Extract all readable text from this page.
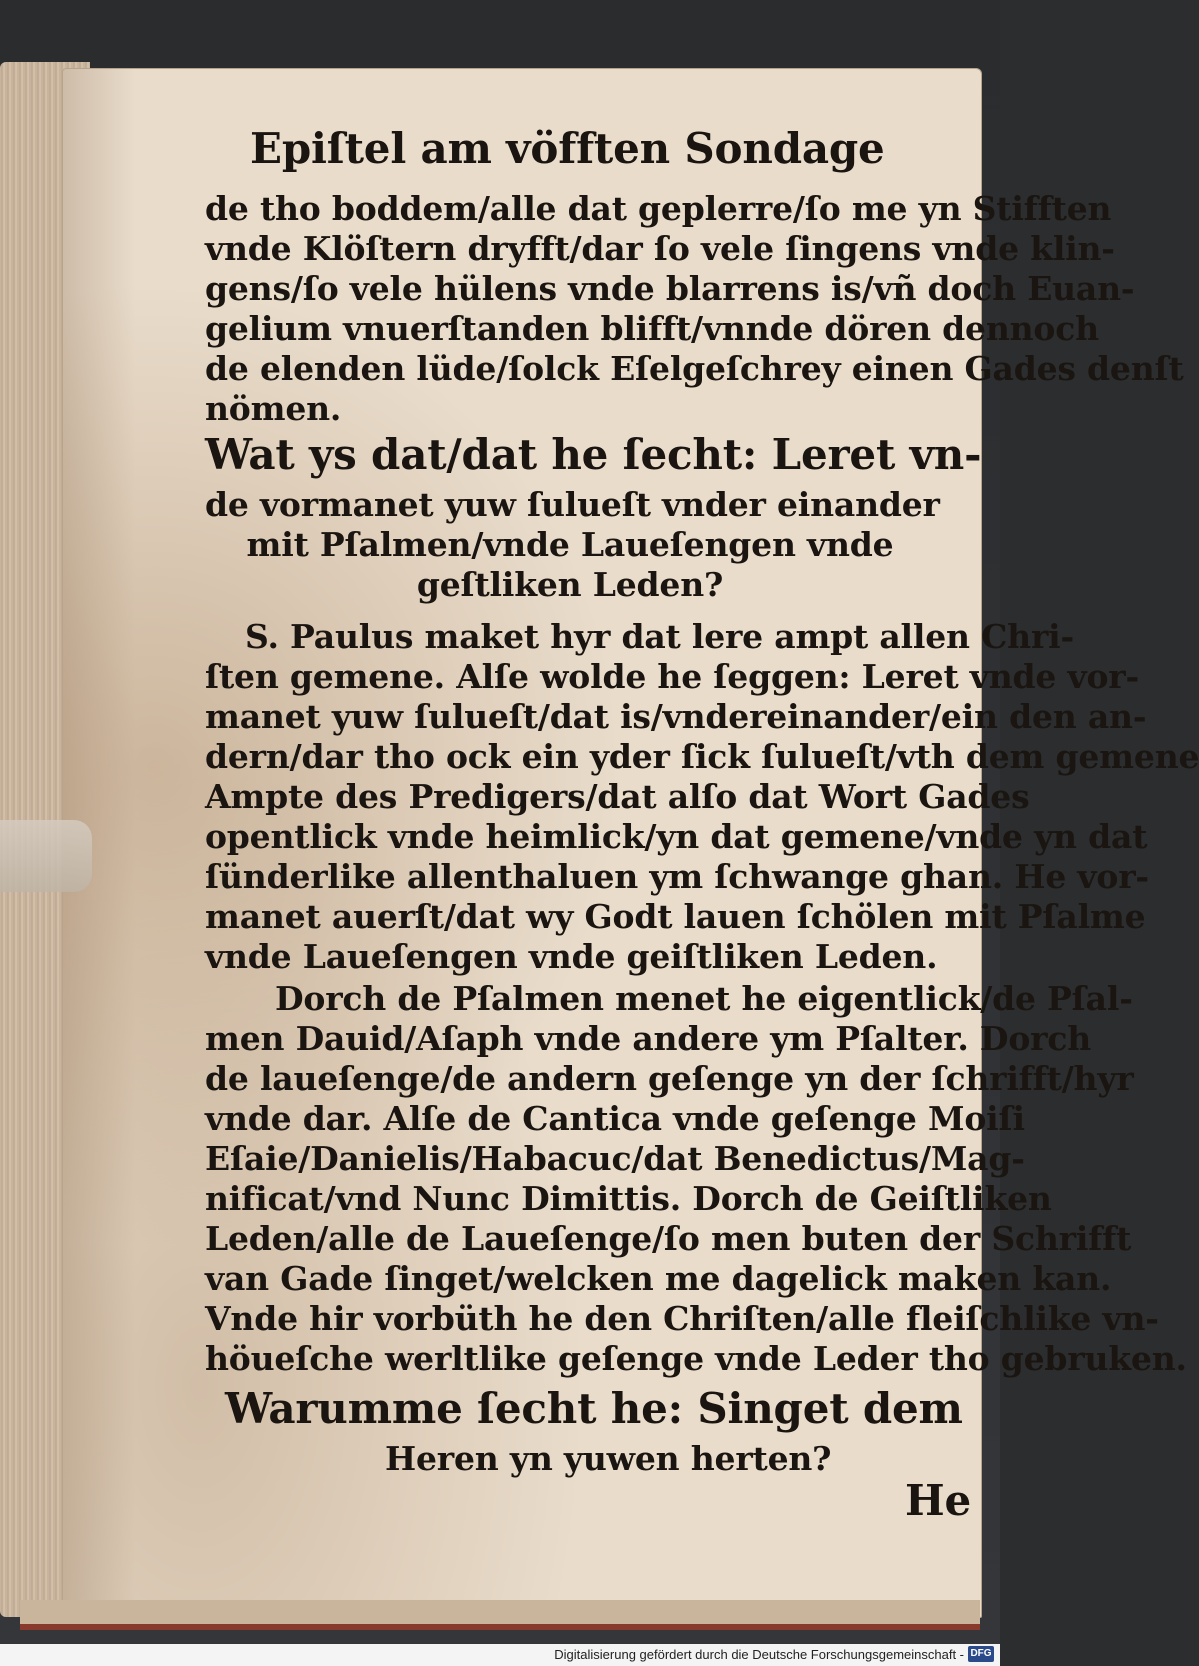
Epiſtel am vöfften Sondage
de tho boddem/alle dat geplerre/ſo me yn Stifften
vnde Klöſtern dryfft/dar ſo vele ſingens vnde klin-
gens/ſo vele hülens vnde blarrens is/vñ doch Euan-
gelium vnuerſtanden blifft/vnnde dören dennoch
de elenden lüde/ſolck Eſelgeſchrey einen Gades denſt
nömen.
Wat ys dat/dat he ſecht: Leret vn-
de vormanet yuw ſulueſt vnder einander
mit Pſalmen/vnde Laueſengen vnde
geſtliken Leden?
S. Paulus maket hyr dat lere ampt allen Chri-
ſten gemene. Alſe wolde he ſeggen: Leret vnde vor-
manet yuw ſulueſt/dat is/vndereinander/ein den an-
dern/dar tho ock ein yder ſick ſulueſt/vth dem gemene
Ampte des Predigers/dat alſo dat Wort Gades
opentlick vnde heimlick/yn dat gemene/vnde yn dat
ſünderlike allenthaluen ym ſchwange ghan. He vor-
manet auerſt/dat wy Godt lauen ſchölen mit Pſalme
vnde Laueſengen vnde geiſtliken Leden.
Dorch de Pſalmen menet he eigentlick/de Pſal-
men Dauid/Aſaph vnde andere ym Pſalter. Dorch
de laueſenge/de andern geſenge yn der ſchrifft/hyr
vnde dar. Alſe de Cantica vnde geſenge Moiſi
Eſaie/Danielis/Habacuc/dat Benedictus/Mag-
nificat/vnd Nunc Dimittis. Dorch de Geiſtliken
Leden/alle de Laueſenge/ſo men buten der Schrifft
van Gade ſinget/welcken me dagelick maken kan.
Vnde hir vorbüth he den Chriſten/alle fleiſchlike vn-
höueſche werltlike geſenge vnde Leder tho gebruken.
Warumme ſecht he: Singet dem
Heren yn yuwen herten?
He
Digitalisierung gefördert durch die Deutsche Forschungsgemeinschaft - DFG
